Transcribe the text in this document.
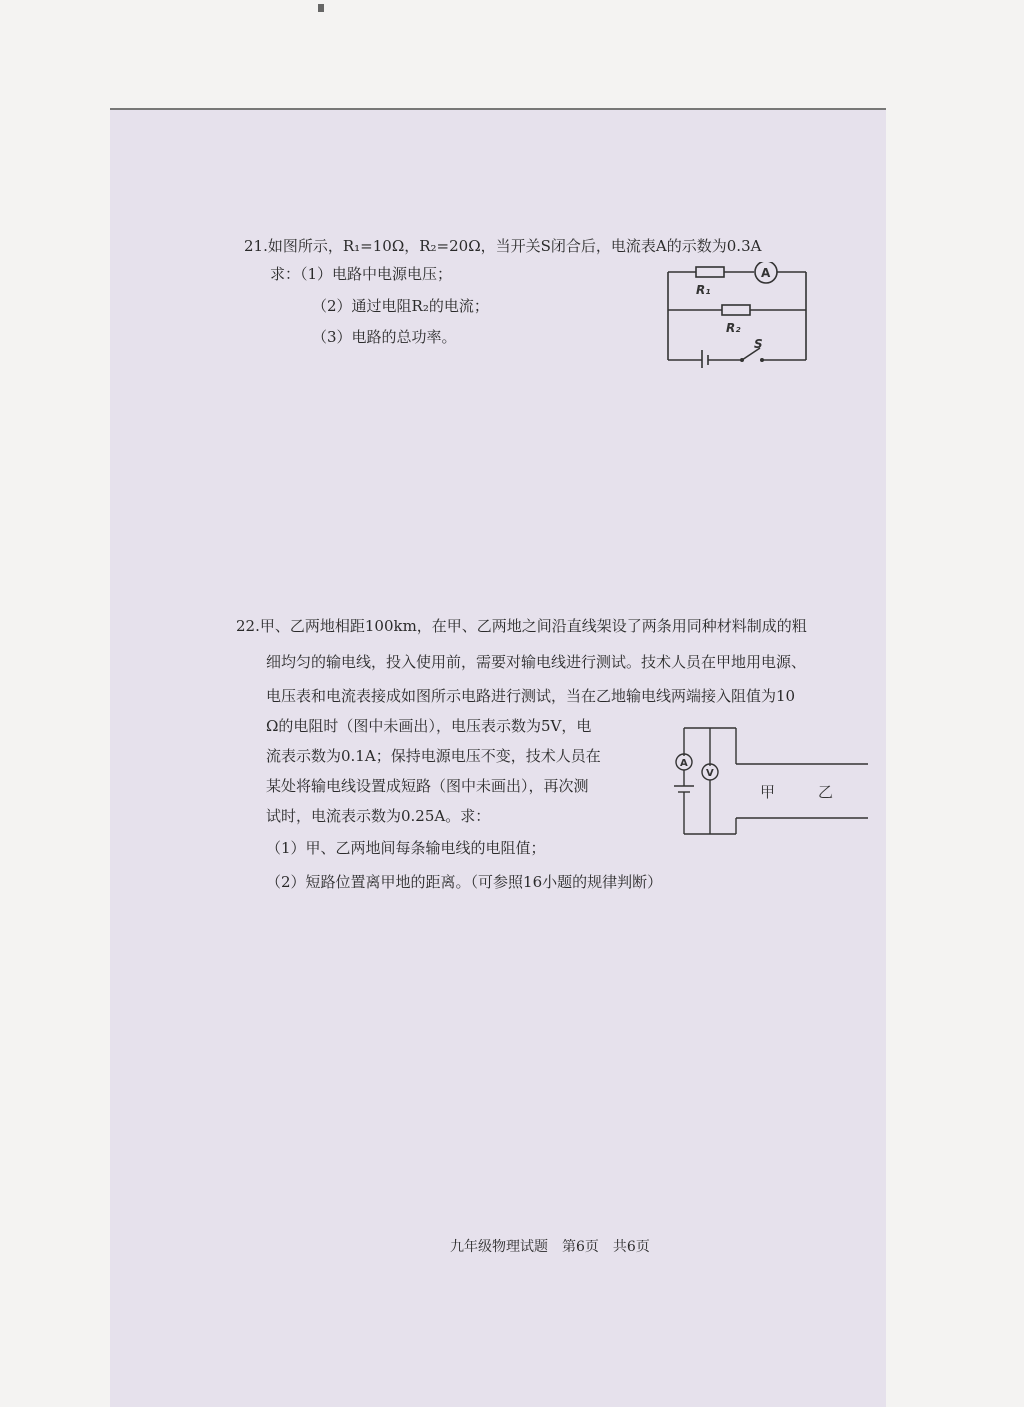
21.如图所示，R₁=10Ω，R₂=20Ω，当开关S闭合后，电流表A的示数为0.3A
求：（1）电路中电源电压；
（2）通过电阻R₂的电流；
（3）电路的总功率。
R₁
R₂
A
S
22.甲、乙两地相距100km，在甲、乙两地之间沿直线架设了两条用同种材料制成的粗
细均匀的输电线，投入使用前，需要对输电线进行测试。技术人员在甲地用电源、
电压表和电流表接成如图所示电路进行测试，当在乙地输电线两端接入阻值为10
Ω的电阻时（图中未画出），电压表示数为5V，电
流表示数为0.1A；保持电源电压不变，技术人员在
某处将输电线设置成短路（图中未画出），再次测
试时，电流表示数为0.25A。求：
（1）甲、乙两地间每条输电线的电阻值；
（2）短路位置离甲地的距离。（可参照16小题的规律判断）
A
V
甲	乙
九年级物理试题　第6页　共6页
